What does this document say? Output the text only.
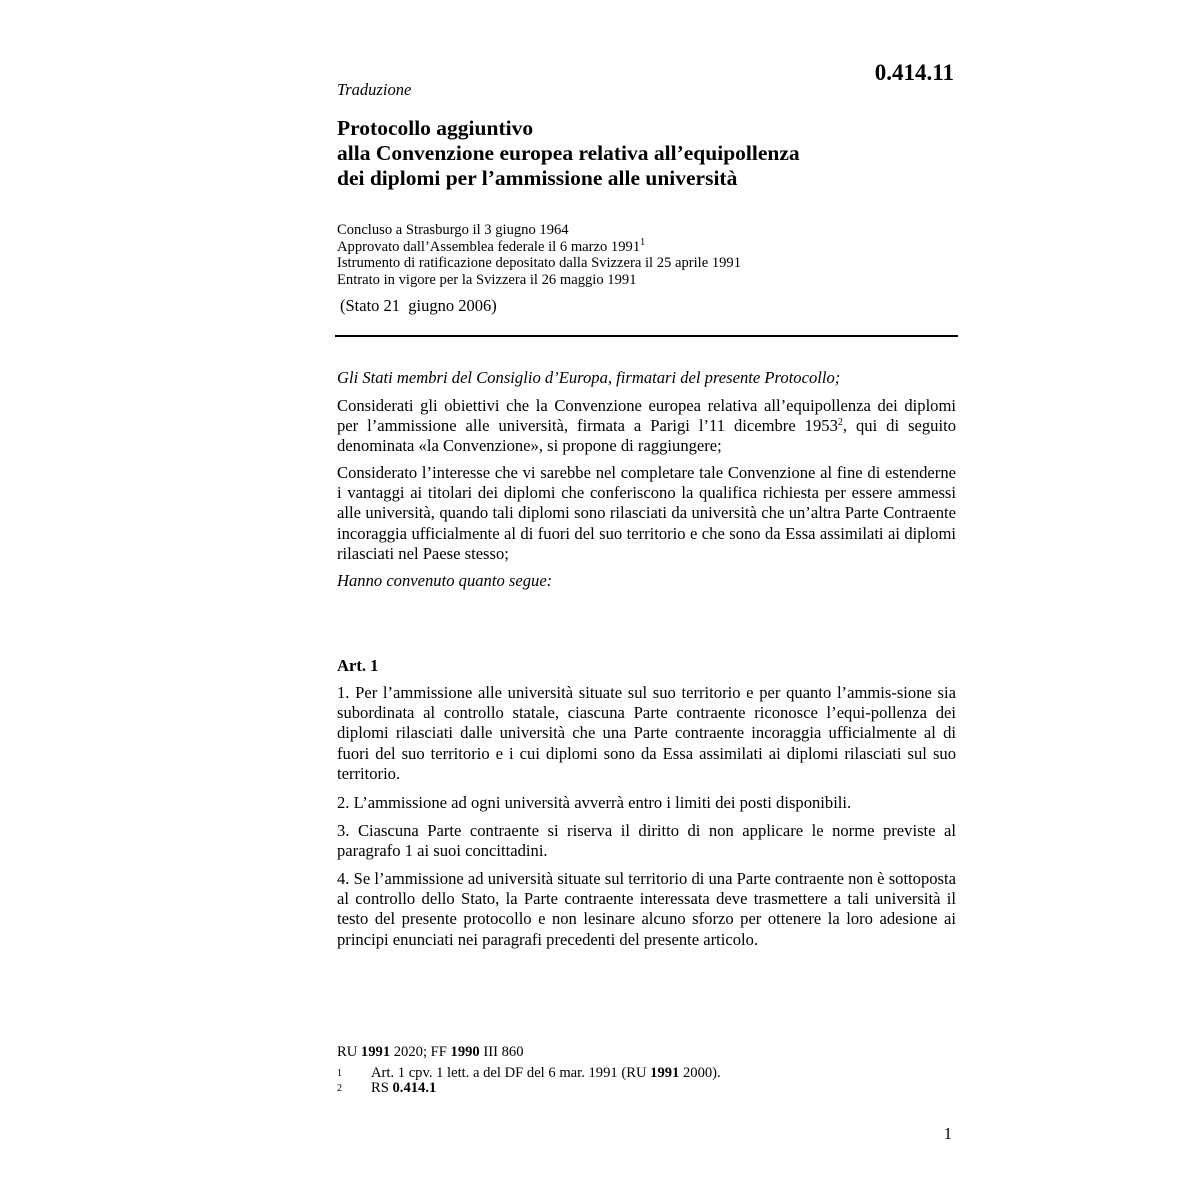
0.414.11
Traduzione
Protocollo aggiuntivo
alla Convenzione europea relativa all’equipollenza
dei diplomi per l’ammissione alle università
Concluso a Strasburgo il 3 giugno 1964
Approvato dall’Assemblea federale il 6 marzo 1991$^1$
Istrumento di ratificazione depositato dalla Svizzera il 25 aprile 1991
Entrato in vigore per la Svizzera il 26 maggio 1991
(Stato 21  giugno 2006)
Gli Stati membri del Consiglio d’Europa, firmatari del presente Protocollo;
Considerati gli obiettivi che la Convenzione europea relativa all’equipollenza dei diplomi per l’ammissione alle università, firmata a Parigi l’11 dicembre 1953$^2$, qui di seguito denominata «la Convenzione», si propone di raggiungere;
Considerato l’interesse che vi sarebbe nel completare tale Convenzione al fine di estenderne i vantaggi ai titolari dei diplomi che conferiscono la qualifica richiesta per essere ammessi alle università, quando tali diplomi sono rilasciati da università che un’altra Parte Contraente incoraggia ufficialmente al di fuori del suo territorio e che sono da Essa assimilati ai diplomi rilasciati nel Paese stesso;
Hanno convenuto quanto segue:
Art. 1
1. Per l’ammissione alle università situate sul suo territorio e per quanto l’ammis-sione sia subordinata al controllo statale, ciascuna Parte contraente riconosce l’equi-pollenza dei diplomi rilasciati dalle università che una Parte contraente incoraggia ufficialmente al di fuori del suo territorio e i cui diplomi sono da Essa assimilati ai diplomi rilasciati sul suo territorio.
2. L’ammissione ad ogni università avverrà entro i limiti dei posti disponibili.
3. Ciascuna Parte contraente si riserva il diritto di non applicare le norme previste al paragrafo 1 ai suoi concittadini.
4. Se l’ammissione ad università situate sul territorio di una Parte contraente non è sottoposta al controllo dello Stato, la Parte contraente interessata deve trasmettere a tali università il testo del presente protocollo e non lesinare alcuno sforzo per ottenere la loro adesione ai principi enunciati nei paragrafi precedenti del presente articolo.
RU 1991 2020; FF 1990 III 860
1 Art. 1 cpv. 1 lett. a del DF del 6 mar. 1991 (RU 1991 2000).
2 RS 0.414.1
1
